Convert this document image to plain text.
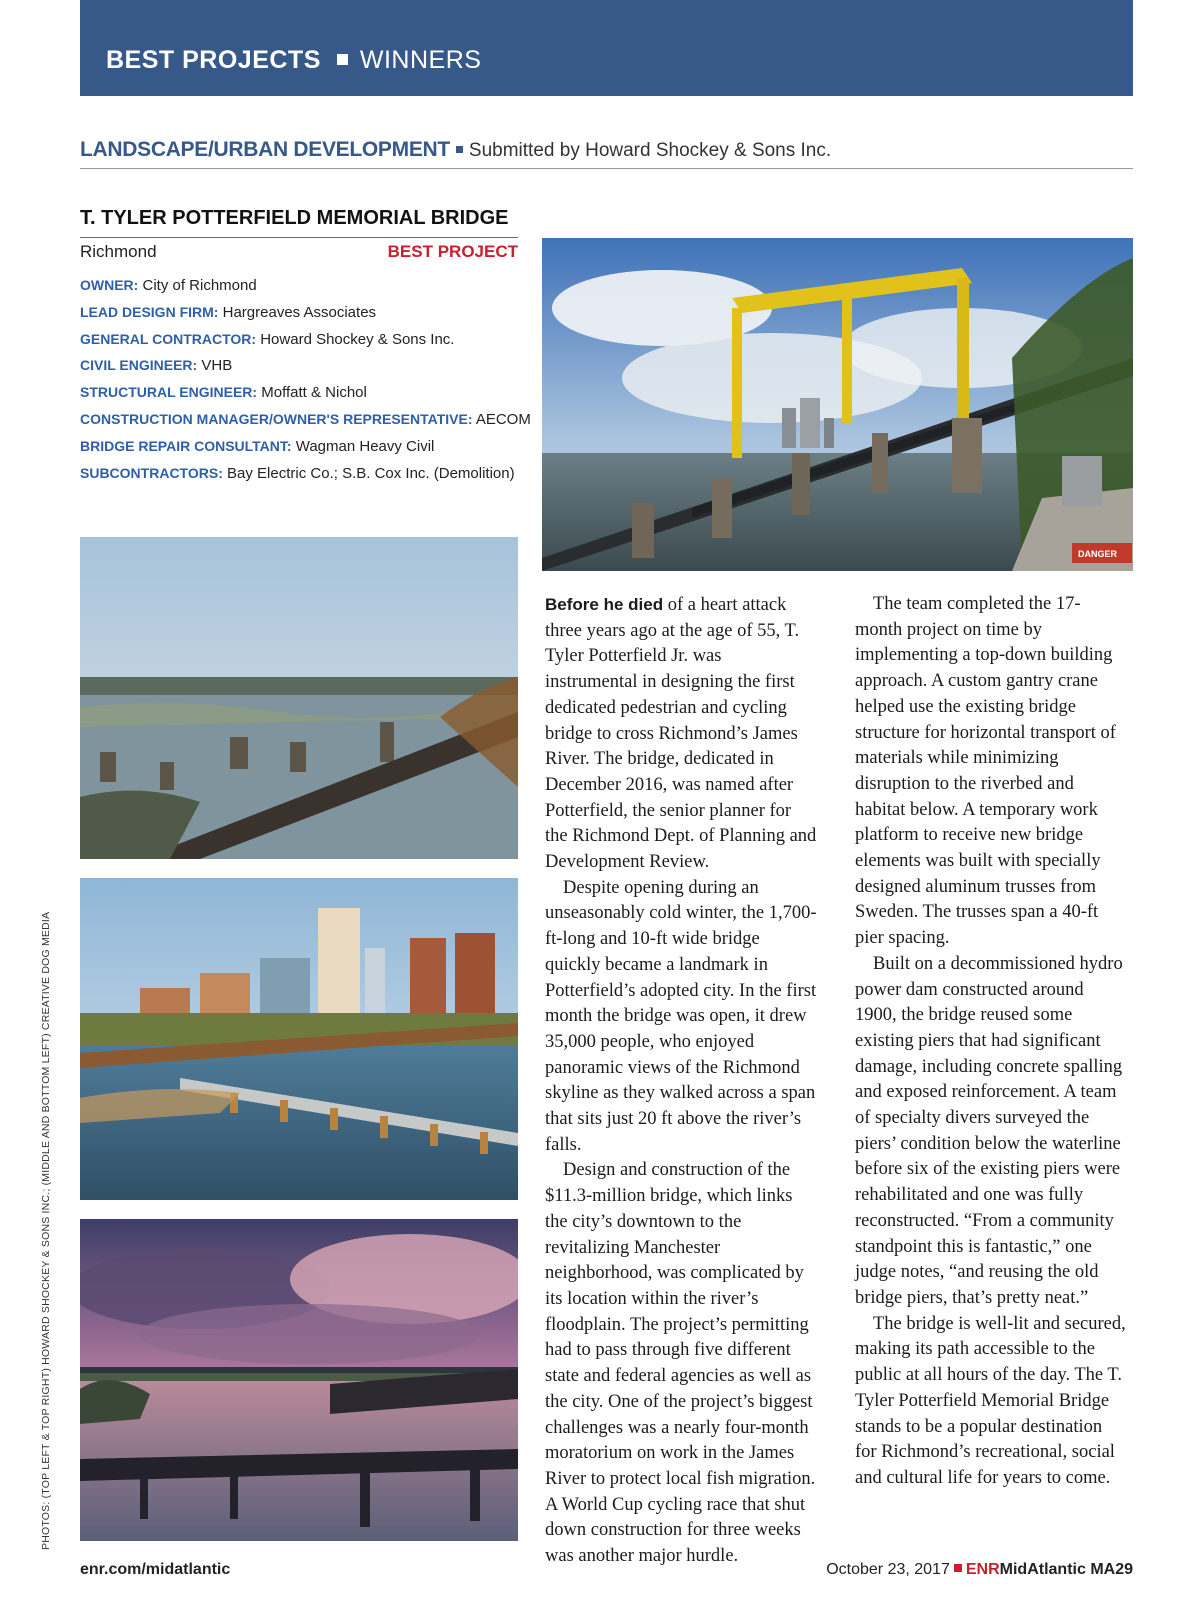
BEST PROJECTS WINNERS
LANDSCAPE/URBAN DEVELOPMENT Submitted by Howard Shockey & Sons Inc.
T. TYLER POTTERFIELD MEMORIAL BRIDGE
Richmond	BEST PROJECT
OWNER: City of Richmond
LEAD DESIGN FIRM: Hargreaves Associates
GENERAL CONTRACTOR: Howard Shockey & Sons Inc.
CIVIL ENGINEER: VHB
STRUCTURAL ENGINEER: Moffatt & Nichol
CONSTRUCTION MANAGER/OWNER'S REPRESENTATIVE: AECOM
BRIDGE REPAIR CONSULTANT: Wagman Heavy Civil
SUBCONTRACTORS: Bay Electric Co.; S.B. Cox Inc. (Demolition)
DANGER
PHOTOS: (TOP LEFT & TOP RIGHT) HOWARD SHOCKEY & SONS INC.; (MIDDLE AND BOTTOM LEFT) CREATIVE DOG MEDIA

Before he died of a heart attack three years ago at the age of 55, T. Tyler Potterfield Jr. was instrumental in designing the first dedicated pedestrian and cycling bridge to cross Richmond’s James River. The bridge, dedicated in December 2016, was named after Potterfield, the senior planner for the Richmond Dept. of Planning and Development Review.

Despite opening during an unseasonably cold winter, the 1,700-ft-long and 10-ft wide bridge quickly became a landmark in Potterfield’s adopted city. In the first month the bridge was open, it drew 35,000 people, who enjoyed panoramic views of the Richmond skyline as they walked across a span that sits just 20 ft above the river’s falls.

Design and construction of the $11.3-million bridge, which links the city’s downtown to the revitalizing Manchester neighborhood, was complicated by its location within the river’s floodplain. The project’s permitting had to pass through five different state and federal agencies as well as the city. One of the project’s biggest challenges was a nearly four-month moratorium on work in the James River to protect local fish migration. A World Cup cycling race that shut down construction for three weeks was another major hurdle.

The team completed the 17-month project on time by implementing a top-down building approach. A custom gantry crane helped use the existing bridge structure for horizontal transport of materials while minimizing disruption to the riverbed and habitat below. A temporary work platform to receive new bridge elements was built with specially designed aluminum trusses from Sweden. The trusses span a 40-ft pier spacing.

Built on a decommissioned hydro power dam constructed around 1900, the bridge reused some existing piers that had significant damage, including concrete spalling and exposed reinforcement. A team of specialty divers surveyed the piers’ condition below the waterline before six of the existing piers were rehabilitated and one was fully reconstructed. “From a community standpoint this is fantastic,” one judge notes, “and reusing the old bridge piers, that’s pretty neat.”

The bridge is well-lit and secured, making its path accessible to the public at all hours of the day. The T. Tyler Potterfield Memorial Bridge stands to be a popular destination for Richmond’s recreational, social and cultural life for years to come.

enr.com/midatlantic	October 23, 2017 ENRMidAtlantic MA29
